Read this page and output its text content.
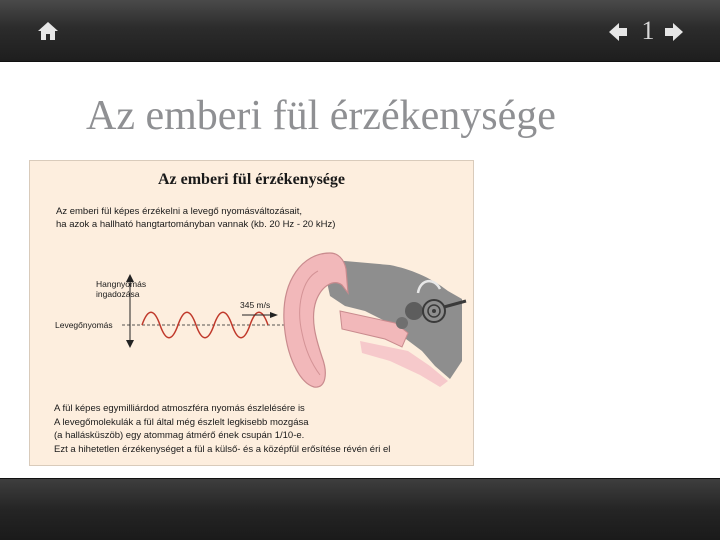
1
Az emberi fül érzékenysége
Az emberi fül érzékenysége
Az emberi fül képes érzékelni a levegő nyomásváltozásait,
ha azok a hallható hangtartományban vannak (kb. 20 Hz - 20 kHz)
Hangnyomás
ingadozása
345 m/s
Levegőnyomás
A fül képes egymilliárdod atmoszféra nyomás észlelésére is
A levegőmolekulák a fül által még észlelt legkisebb mozgása
(a hallásküszöb) egy atommag átmérő ének csupán 1/10-e.
Ezt a hihetetlen érzékenységet a fül a külső- és a középfül erősítése révén éri el
